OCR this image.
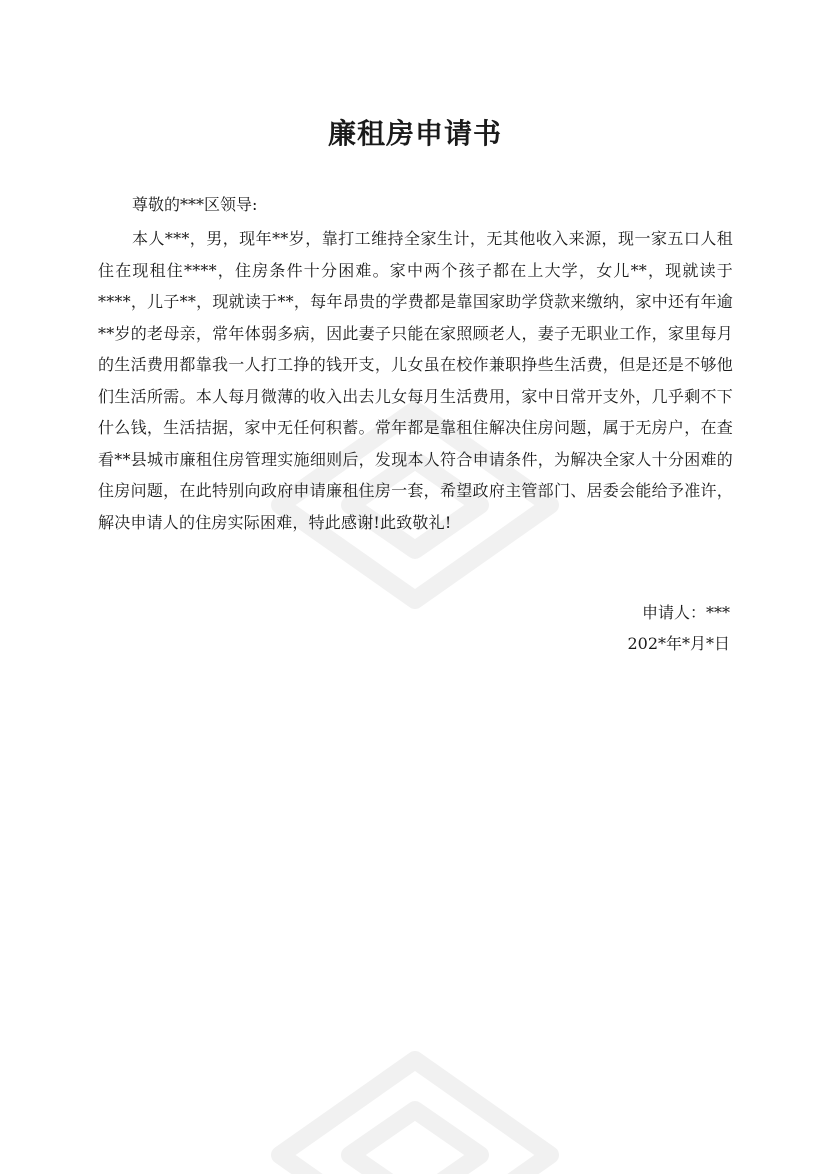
廉租房申请书

尊敬的***区领导:

本人***，男，现年**岁，靠打工维持全家生计，无其他收入来源，现一家五口人租住在现租住****，住房条件十分困难。家中两个孩子都在上大学，女儿**，现就读于****，儿子**，现就读于**，每年昂贵的学费都是靠国家助学贷款来缴纳，家中还有年逾**岁的老母亲，常年体弱多病，因此妻子只能在家照顾老人，妻子无职业工作，家里每月的生活费用都靠我一人打工挣的钱开支，儿女虽在校作兼职挣些生活费，但是还是不够他们生活所需。本人每月微薄的收入出去儿女每月生活费用，家中日常开支外，几乎剩不下什么钱，生活拮据，家中无任何积蓄。常年都是靠租住解决住房问题，属于无房户，在查看**县城市廉租住房管理实施细则后，发现本人符合申请条件，为解决全家人十分困难的住房问题，在此特别向政府申请廉租住房一套，希望政府主管部门、居委会能给予准许，解决申请人的住房实际困难，特此感谢!此致敬礼!

申请人：***
202*年*月*日
